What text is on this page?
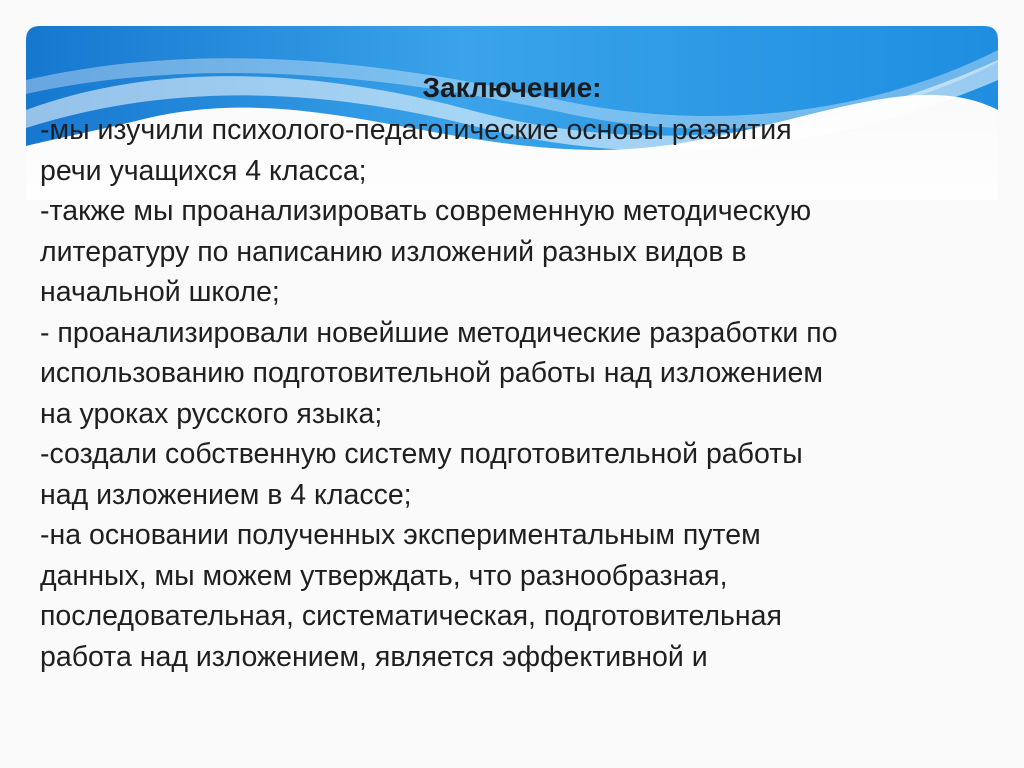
Заключение:
-мы изучили психолого-педагогические основы развития
речи учащихся 4 класса;
-также мы проанализировать современную методическую
литературу по написанию изложений разных видов в
начальной школе;
- проанализировали новейшие методические разработки по
использованию подготовительной работы над изложением
на уроках русского языка;
-создали собственную систему подготовительной работы
над изложением в 4 классе;
-на основании полученных экспериментальным путем
данных, мы можем утверждать, что разнообразная,
последовательная, систематическая, подготовительная
работа над изложением, является эффективной и
